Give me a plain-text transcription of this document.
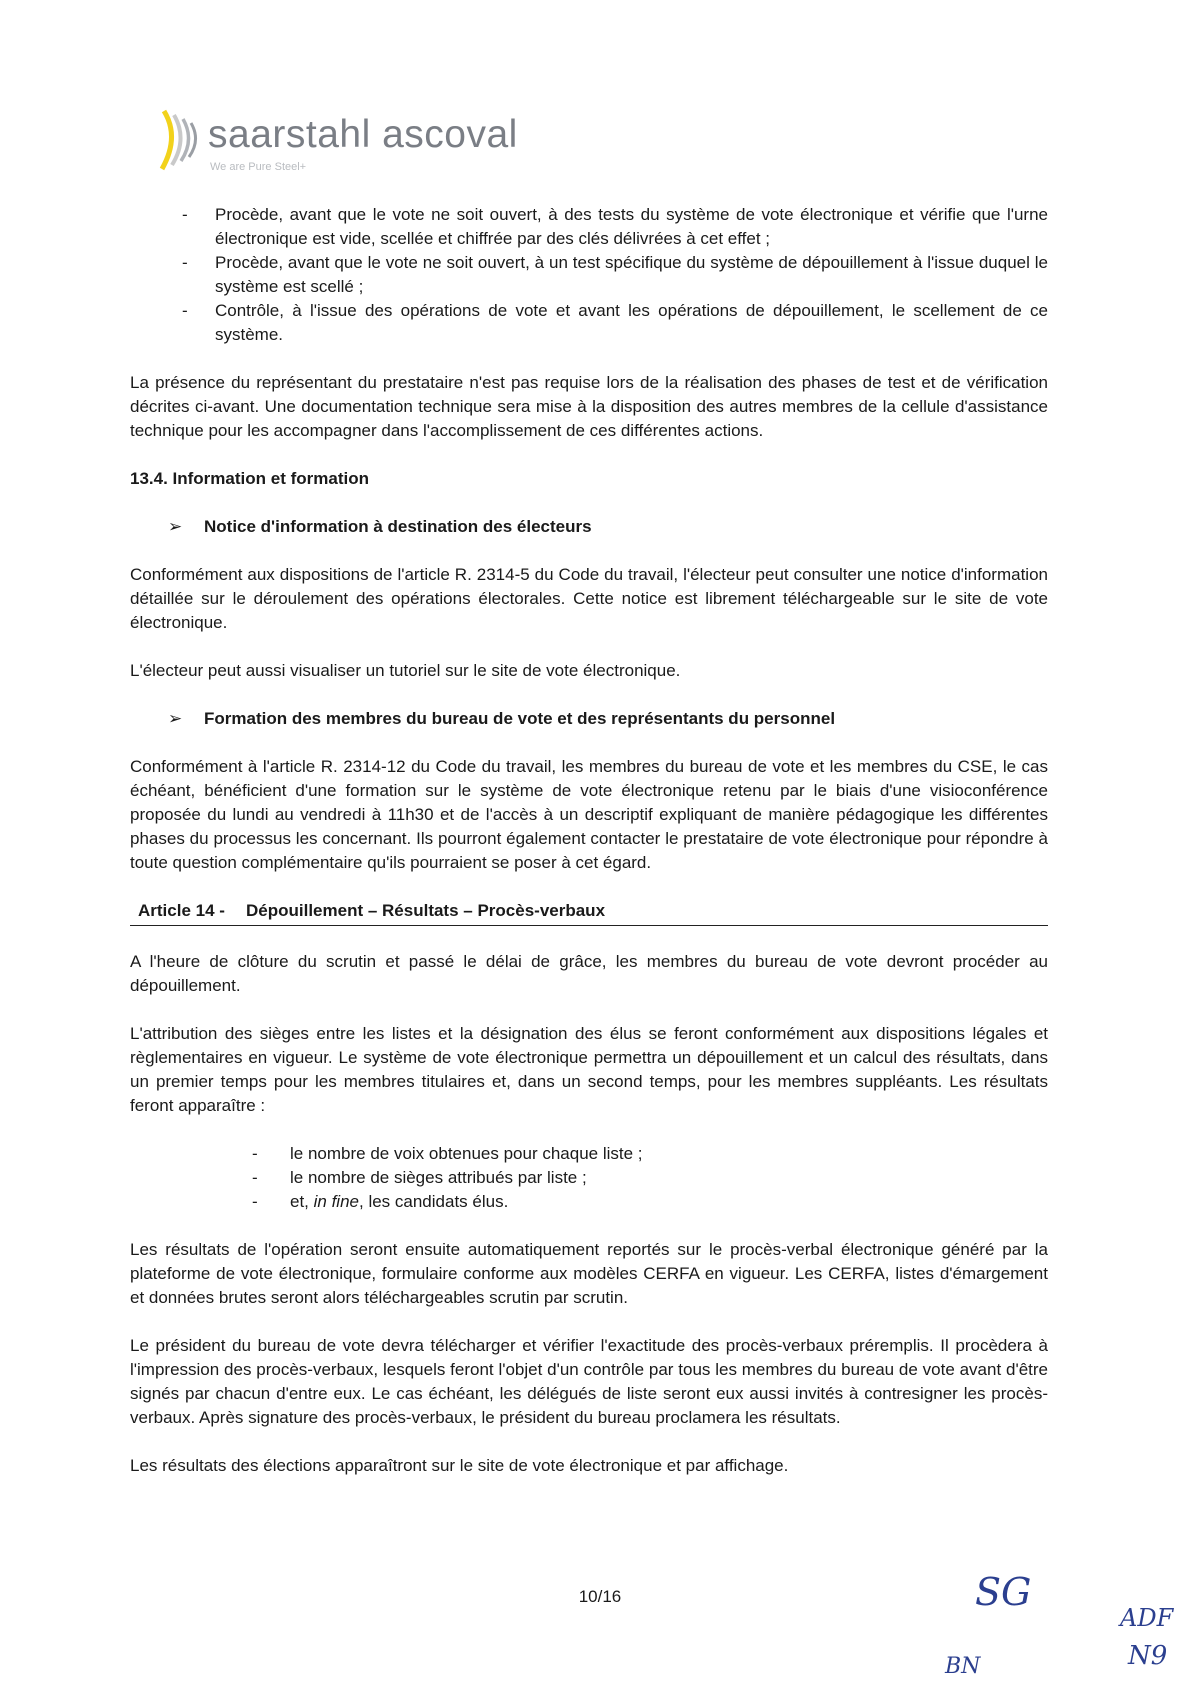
saarstahl ascoval
We are Pure Steel+
- Procède, avant que le vote ne soit ouvert, à des tests du système de vote électronique et vérifie que l'urne électronique est vide, scellée et chiffrée par des clés délivrées à cet effet ;
- Procède, avant que le vote ne soit ouvert, à un test spécifique du système de dépouillement à l'issue duquel le système est scellé ;
- Contrôle, à l'issue des opérations de vote et avant les opérations de dépouillement, le scellement de ce système.

La présence du représentant du prestataire n'est pas requise lors de la réalisation des phases de test et de vérification décrites ci-avant. Une documentation technique sera mise à la disposition des autres membres de la cellule d'assistance technique pour les accompagner dans l'accomplissement de ces différentes actions.

13.4. Information et formation

➢ Notice d'information à destination des électeurs

Conformément aux dispositions de l'article R. 2314-5 du Code du travail, l'électeur peut consulter une notice d'information détaillée sur le déroulement des opérations électorales. Cette notice est librement téléchargeable sur le site de vote électronique.

L'électeur peut aussi visualiser un tutoriel sur le site de vote électronique.

➢ Formation des membres du bureau de vote et des représentants du personnel

Conformément à l'article R. 2314-12 du Code du travail, les membres du bureau de vote et les membres du CSE, le cas échéant, bénéficient d'une formation sur le système de vote électronique retenu par le biais d'une visioconférence proposée du lundi au vendredi à 11h30 et de l'accès à un descriptif expliquant de manière pédagogique les différentes phases du processus les concernant. Ils pourront également contacter le prestataire de vote électronique pour répondre à toute question complémentaire qu'ils pourraient se poser à cet égard.

Article 14 - Dépouillement – Résultats – Procès-verbaux

A l'heure de clôture du scrutin et passé le délai de grâce, les membres du bureau de vote devront procéder au dépouillement.

L'attribution des sièges entre les listes et la désignation des élus se feront conformément aux dispositions légales et règlementaires en vigueur. Le système de vote électronique permettra un dépouillement et un calcul des résultats, dans un premier temps pour les membres titulaires et, dans un second temps, pour les membres suppléants. Les résultats feront apparaître :

- le nombre de voix obtenues pour chaque liste ;
- le nombre de sièges attribués par liste ;
- et, in fine, les candidats élus.

Les résultats de l'opération seront ensuite automatiquement reportés sur le procès-verbal électronique généré par la plateforme de vote électronique, formulaire conforme aux modèles CERFA en vigueur. Les CERFA, listes d'émargement et données brutes seront alors téléchargeables scrutin par scrutin.

Le président du bureau de vote devra télécharger et vérifier l'exactitude des procès-verbaux préremplis. Il procèdera à l'impression des procès-verbaux, lesquels feront l'objet d'un contrôle par tous les membres du bureau de vote avant d'être signés par chacun d'entre eux. Le cas échéant, les délégués de liste seront eux aussi invités à contresigner les procès-verbaux. Après signature des procès-verbaux, le président du bureau proclamera les résultats.

Les résultats des élections apparaîtront sur le site de vote électronique et par affichage.

10/16	SG
ADF
BN	N9
